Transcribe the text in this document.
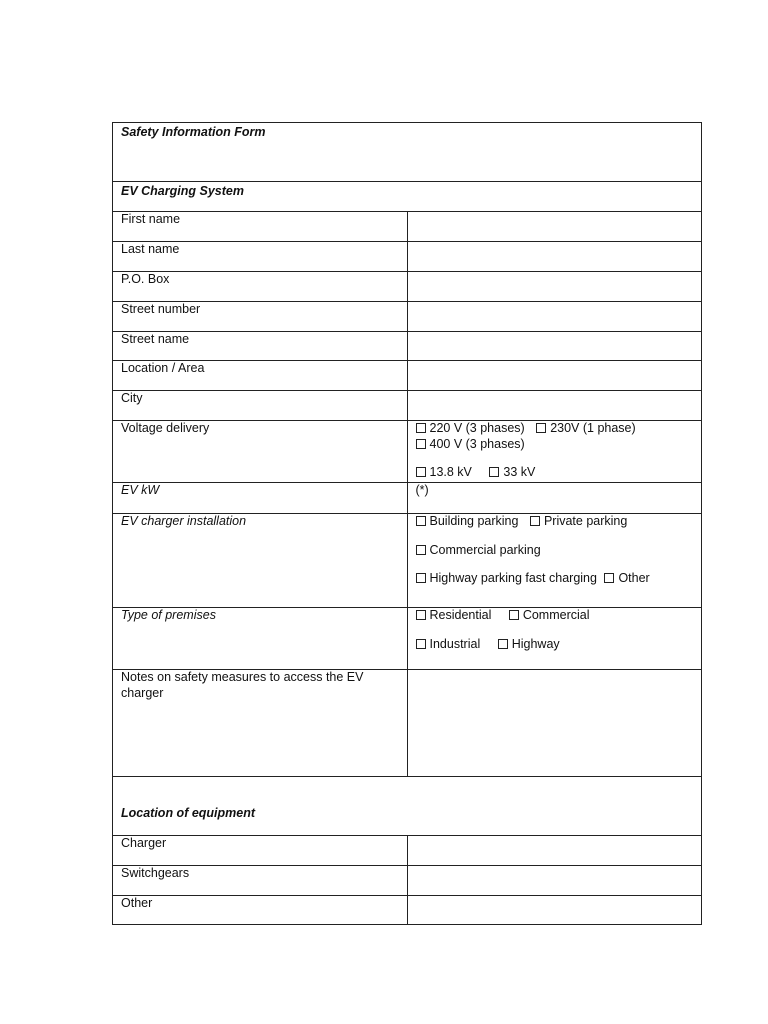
Safety Information Form	
EV Charging System	
First name	
Last name	
P.O. Box	
Street number	
Street name	
Location / Area	
City	
Voltage delivery	220 V (3 phases) 230V (1 phase) 400 V (3 phases)
13.8 kV 33 kV

EV kW	(*)
EV charger installation	Building parking Private parking
Commercial parking
Highway parking fast charging Other

Type of premises	Residential Commercial
Industrial Highway

Notes on safety measures to access the EV charger	
Location of equipment	
Charger	
Switchgears	
Other	
